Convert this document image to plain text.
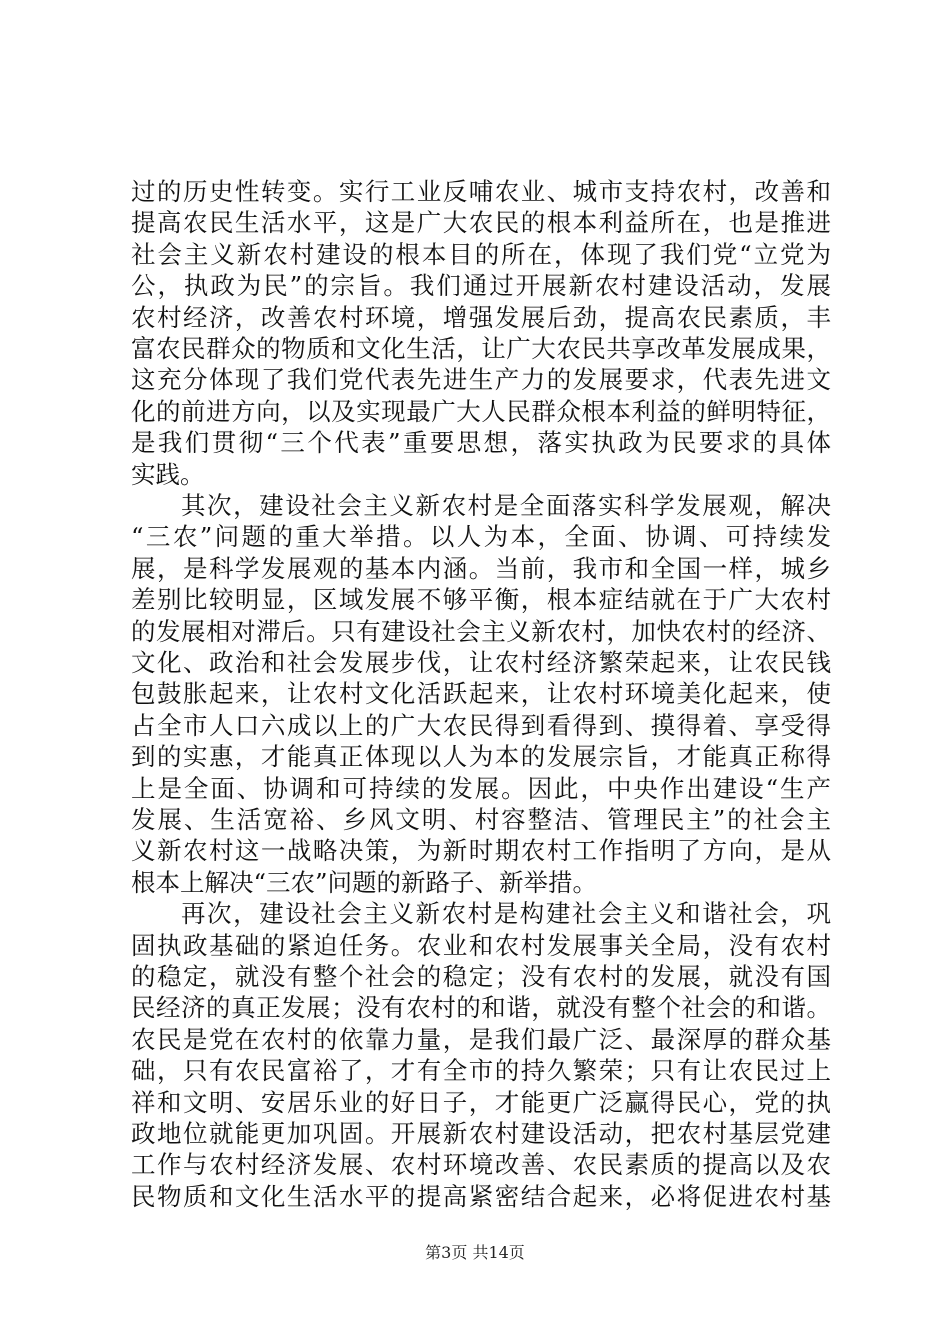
过的历史性转变。实行工业反哺农业、城市支持农村，改善和
提高农民生活水平，这是广大农民的根本利益所在，也是推进
社会主义新农村建设的根本目的所在，体现了我们党“立党为
公，执政为民”的宗旨。我们通过开展新农村建设活动，发展
农村经济，改善农村环境，增强发展后劲，提高农民素质，丰
富农民群众的物质和文化生活，让广大农民共享改革发展成果，
这充分体现了我们党代表先进生产力的发展要求，代表先进文
化的前进方向，以及实现最广大人民群众根本利益的鲜明特征，
是我们贯彻“三个代表”重要思想，落实执政为民要求的具体
实践。
其次，建设社会主义新农村是全面落实科学发展观，解决
“三农”问题的重大举措。以人为本，全面、协调、可持续发
展，是科学发展观的基本内涵。当前，我市和全国一样，城乡
差别比较明显，区域发展不够平衡，根本症结就在于广大农村
的发展相对滞后。只有建设社会主义新农村，加快农村的经济、
文化、政治和社会发展步伐，让农村经济繁荣起来，让农民钱
包鼓胀起来，让农村文化活跃起来，让农村环境美化起来，使
占全市人口六成以上的广大农民得到看得到、摸得着、享受得
到的实惠，才能真正体现以人为本的发展宗旨，才能真正称得
上是全面、协调和可持续的发展。因此，中央作出建设“生产
发展、生活宽裕、乡风文明、村容整洁、管理民主”的社会主
义新农村这一战略决策，为新时期农村工作指明了方向，是从
根本上解决“三农”问题的新路子、新举措。
再次，建设社会主义新农村是构建社会主义和谐社会，巩
固执政基础的紧迫任务。农业和农村发展事关全局，没有农村
的稳定，就没有整个社会的稳定；没有农村的发展，就没有国
民经济的真正发展；没有农村的和谐，就没有整个社会的和谐。
农民是党在农村的依靠力量，是我们最广泛、最深厚的群众基
础，只有农民富裕了，才有全市的持久繁荣；只有让农民过上
祥和文明、安居乐业的好日子，才能更广泛赢得民心，党的执
政地位就能更加巩固。开展新农村建设活动，把农村基层党建
工作与农村经济发展、农村环境改善、农民素质的提高以及农
民物质和文化生活水平的提高紧密结合起来，必将促进农村基
第3页 共14页
